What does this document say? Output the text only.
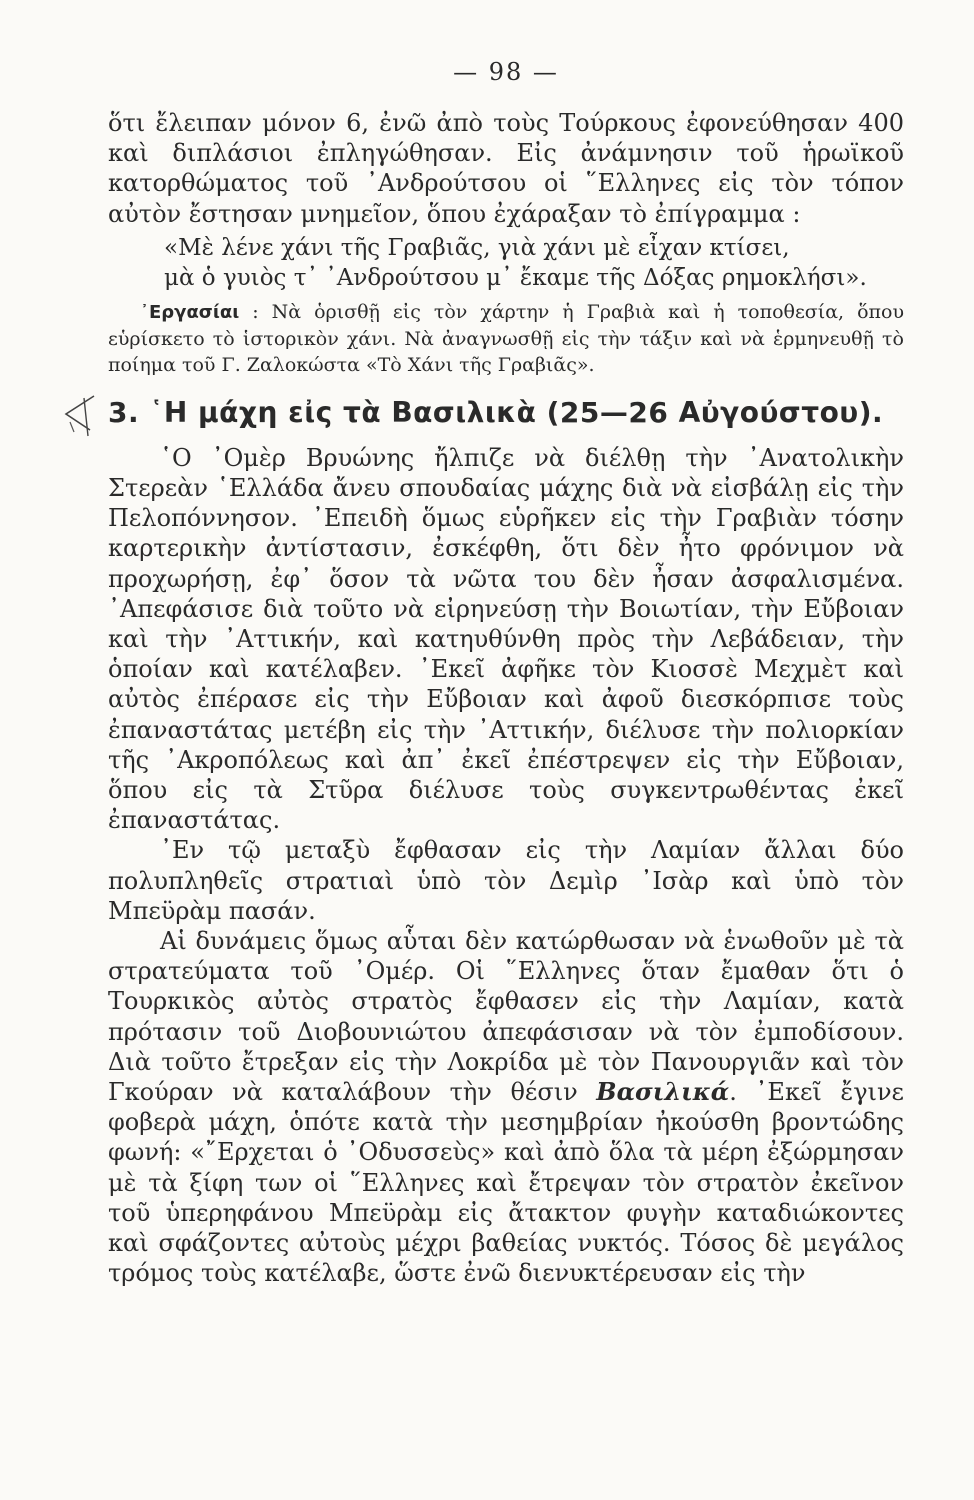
— 98 —

ὅτι ἔλειπαν μόνον 6, ἐνῶ ἀπὸ τοὺς Τούρκους ἐφονεύθησαν 400 καὶ διπλάσιοι ἐπληγώθησαν. Εἰς ἀνάμνησιν τοῦ ἡρωϊκοῦ κατορθώματος τοῦ ᾿Ανδρούτσου οἱ ῞Ελληνες εἰς τὸν τόπον αὐτὸν ἔστησαν μνημεῖον, ὅπου ἐχάραξαν τὸ ἐπίγραμμα :

«Μὲ λένε χάνι τῆς Γραβιᾶς, γιὰ χάνι μὲ εἶχαν κτίσει,
μὰ ὁ γυιὸς τ᾿ ᾿Ανδρούτσου μ᾿ ἔκαμε τῆς Δόξας ρημοκλήσι».

᾿Εργασίαι : Νὰ ὁρισθῇ εἰς τὸν χάρτην ἡ Γραβιὰ καὶ ἡ τοποθεσία, ὅπου εὑρίσκετο τὸ ἱστορικὸν χάνι. Νὰ ἀναγνωσθῇ εἰς τὴν τάξιν καὶ νὰ ἑρμηνευθῇ τὸ ποίημα τοῦ Γ. Ζαλοκώστα «Τὸ Χάνι τῆς Γραβιᾶς».

3. ῾Η μάχη εἰς τὰ Βασιλικὰ (25—26 Αὐγούστου).

῾Ο ᾿Ομὲρ Βρυώνης ἤλπιζε νὰ διέλθῃ τὴν ᾿Ανατολικὴν Στερεὰν ῾Ελλάδα ἄνευ σπουδαίας μάχης διὰ νὰ εἰσβάλῃ εἰς τὴν Πελοπόννησον. ᾿Επειδὴ ὅμως εὑρῆκεν εἰς τὴν Γραβιὰν τόσην καρτερικὴν ἀντίστασιν, ἐσκέφθη, ὅτι δὲν ἦτο φρόνιμον νὰ προχωρήσῃ, ἐφ᾿ ὅσον τὰ νῶτα του δὲν ἦσαν ἀσφαλισμένα. ᾿Απεφάσισε διὰ τοῦτο νὰ εἰρηνεύσῃ τὴν Βοιωτίαν, τὴν Εὔβοιαν καὶ τὴν ᾿Αττικήν, καὶ κατηυθύνθη πρὸς τὴν Λεβάδειαν, τὴν ὁποίαν καὶ κατέλαβεν. ᾿Εκεῖ ἀφῆκε τὸν Κιοσσὲ Μεχμὲτ καὶ αὐτὸς ἐπέρασε εἰς τὴν Εὔβοιαν καὶ ἀφοῦ διεσκόρπισε τοὺς ἐπαναστάτας μετέβη εἰς τὴν ᾿Αττικήν, διέλυσε τὴν πολιορκίαν τῆς ᾿Ακροπόλεως καὶ ἀπ᾿ ἐκεῖ ἐπέστρεψεν εἰς τὴν Εὔβοιαν, ὅπου εἰς τὰ Στῦρα διέλυσε τοὺς συγκεντρωθέντας ἐκεῖ ἐπαναστάτας.

᾿Εν τῷ μεταξὺ ἔφθασαν εἰς τὴν Λαμίαν ἄλλαι δύο πολυπληθεῖς στρατιαὶ ὑπὸ τὸν Δεμὶρ ᾿Ισὰρ καὶ ὑπὸ τὸν Μπεϋρὰμ πασάν.

Αἱ δυνάμεις ὅμως αὗται δὲν κατώρθωσαν νὰ ἑνωθοῦν μὲ τὰ στρατεύματα τοῦ ᾿Ομέρ. Οἱ ῞Ελληνες ὅταν ἔμαθαν ὅτι ὁ Τουρκικὸς αὐτὸς στρατὸς ἔφθασεν εἰς τὴν Λαμίαν, κατὰ πρότασιν τοῦ Διοβουνιώτου ἀπεφάσισαν νὰ τὸν ἐμποδίσουν. Διὰ τοῦτο ἔτρεξαν εἰς τὴν Λοκρίδα μὲ τὸν Πανουργιᾶν καὶ τὸν Γκούραν νὰ καταλάβουν τὴν θέσιν Βασιλικά. ᾿Εκεῖ ἔγινε φοβερὰ μάχη, ὁπότε κατὰ τὴν μεσημβρίαν ἠκούσθη βροντώδης φωνή: «῎Ερχεται ὁ ᾿Οδυσσεὺς» καὶ ἀπὸ ὅλα τὰ μέρη ἐξώρμησαν μὲ τὰ ξίφη των οἱ ῞Ελληνες καὶ ἔτρεψαν τὸν στρατὸν ἐκεῖνον τοῦ ὑπερηφάνου Μπεϋρὰμ εἰς ἄτακτον φυγὴν καταδιώκοντες καὶ σφάζοντες αὐτοὺς μέχρι βαθείας νυκτός. Τόσος δὲ μεγάλος τρόμος τοὺς κατέλαβε, ὥστε ἐνῶ διενυκτέρευσαν εἰς τὴν
